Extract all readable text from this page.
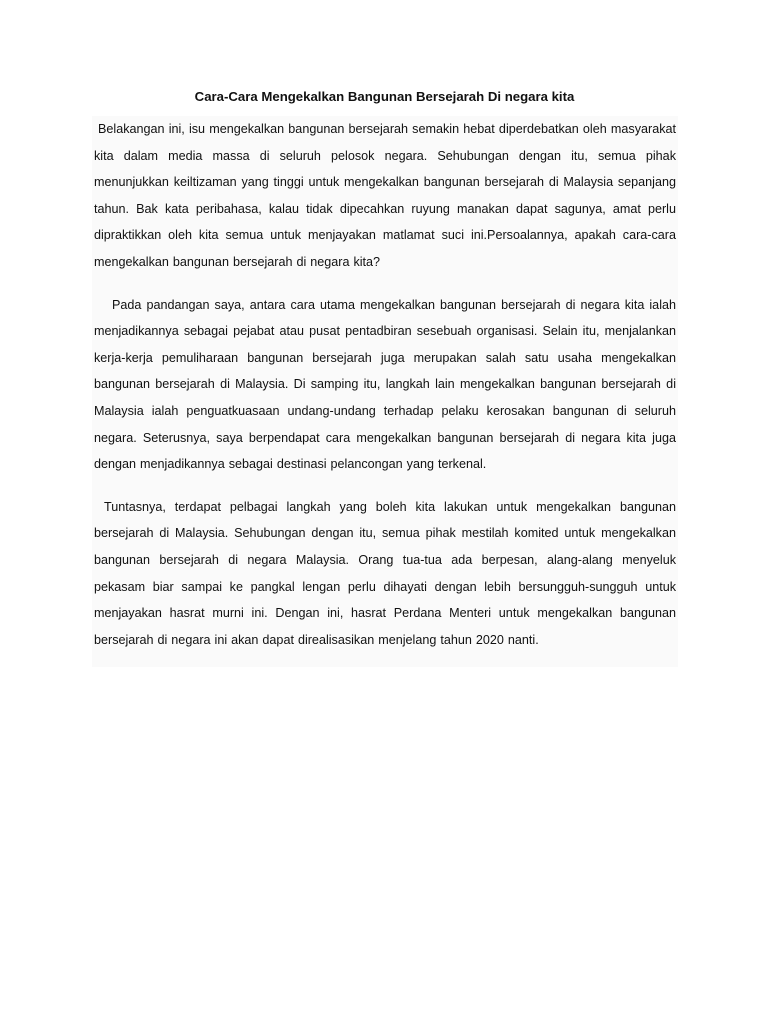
Cara-Cara Mengekalkan Bangunan Bersejarah Di negara kita

Belakangan ini, isu mengekalkan bangunan bersejarah semakin hebat diperdebatkan oleh masyarakat kita dalam media massa di seluruh pelosok negara. Sehubungan dengan itu, semua pihak menunjukkan keiltizaman yang tinggi untuk mengekalkan bangunan bersejarah di Malaysia sepanjang tahun. Bak kata peribahasa, kalau tidak dipecahkan ruyung manakan dapat sagunya, amat perlu dipraktikkan oleh kita semua untuk menjayakan matlamat suci ini.Persoalannya, apakah cara-cara mengekalkan bangunan bersejarah di negara kita?

Pada pandangan saya, antara cara utama mengekalkan bangunan bersejarah di negara kita ialah menjadikannya sebagai pejabat atau pusat pentadbiran sesebuah organisasi. Selain itu, menjalankan kerja-kerja pemuliharaan bangunan bersejarah juga merupakan salah satu usaha mengekalkan bangunan bersejarah di Malaysia. Di samping itu, langkah lain mengekalkan bangunan bersejarah di Malaysia ialah penguatkuasaan undang-undang terhadap pelaku kerosakan bangunan di seluruh negara. Seterusnya, saya berpendapat cara mengekalkan bangunan bersejarah di negara kita juga dengan menjadikannya sebagai destinasi pelancongan yang terkenal.

Tuntasnya, terdapat pelbagai langkah yang boleh kita lakukan untuk mengekalkan bangunan bersejarah di Malaysia. Sehubungan dengan itu, semua pihak mestilah komited untuk mengekalkan bangunan bersejarah di negara Malaysia. Orang tua-tua ada berpesan, alang-alang menyeluk pekasam biar sampai ke pangkal lengan perlu dihayati dengan lebih bersungguh-sungguh untuk menjayakan hasrat murni ini. Dengan ini, hasrat Perdana Menteri untuk mengekalkan bangunan bersejarah di negara ini akan dapat direalisasikan menjelang tahun 2020 nanti.
